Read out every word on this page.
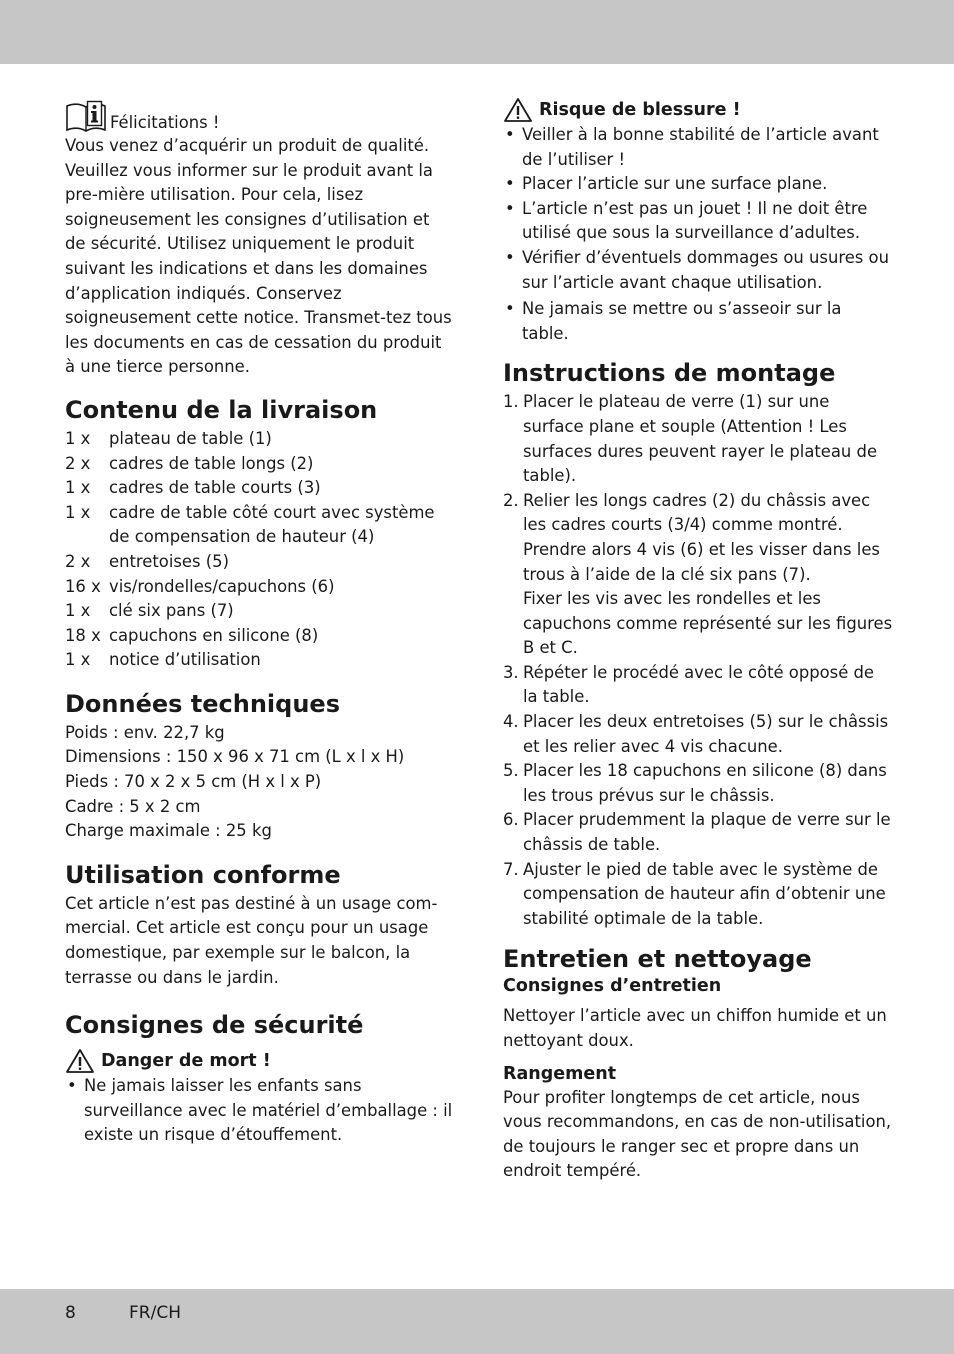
Félicitations !

Vous venez d’acquérir un produit de qualité. Veuillez vous informer sur le produit avant la pre-mière utilisation. Pour cela, lisez soigneusement les consignes d’utilisation et de sécurité. Utilisez uniquement le produit suivant les indications et dans les domaines d’application indiqués. Conservez soigneusement cette notice. Transmet-tez tous les documents en cas de cessation du produit à une tierce personne.

Contenu de la livraison
1 x	plateau de table (1)
2 x	cadres de table longs (2)
1 x	cadres de table courts (3)
1 x	cadre de table côté court avec système de compensation de hauteur (4)
2 x	entretoises (5)
16 x vis/rondelles/capuchons (6)
1 x	clé six pans (7)
18 x capuchons en silicone (8)
1 x	notice d’utilisation
Données techniques

Poids : env. 22,7 kg

Dimensions : 150 x 96 x 71 cm (L x l x H)

Pieds : 70 x 2 x 5 cm (H x l x P)

Cadre : 5 x 2 cm

Charge maximale : 25 kg

Utilisation conforme

Cet article n’est pas destiné à un usage com-mercial. Cet article est conçu pour un usage domestique, par exemple sur le balcon, la terrasse ou dans le jardin.

Consignes de sécurité
Danger de mort !
• Ne jamais laisser les enfants sans surveillance avec le matériel d’emballage : il existe un risque d’étouffement.
Risque de blessure !
• Veiller à la bonne stabilité de l’article avant de l’utiliser !
• Placer l’article sur une surface plane.
• L’article n’est pas un jouet ! Il ne doit être utilisé que sous la surveillance d’adultes.
• Vérifier d’éventuels dommages ou usures ou sur l’article avant chaque utilisation.
• Ne jamais se mettre ou s’asseoir sur la table.
Instructions de montage
1. Placer le plateau de verre (1) sur une surface plane et souple (Attention ! Les surfaces dures peuvent rayer le plateau de table).
2. Relier les longs cadres (2) du châssis avec les cadres courts (3/4) comme montré. Prendre alors 4 vis (6) et les visser dans les trous à l’aide de la clé six pans (7).
Fixer les vis avec les rondelles et les capuchons comme représenté sur les figures B et C.
3. Répéter le procédé avec le côté opposé de la table.
4. Placer les deux entretoises (5) sur le châssis et les relier avec 4 vis chacune.
5. Placer les 18 capuchons en silicone (8) dans les trous prévus sur le châssis.
6. Placer prudemment la plaque de verre sur le châssis de table.
7. Ajuster le pied de table avec le système de compensation de hauteur afin d’obtenir une stabilité optimale de la table.
Entretien et nettoyage
Consignes d’entretien

Nettoyer l’article avec un chiffon humide et un nettoyant doux.

Rangement

Pour profiter longtemps de cet article, nous vous recommandons, en cas de non-utilisation, de toujours le ranger sec et propre dans un endroit tempéré.

8	FR/CH
